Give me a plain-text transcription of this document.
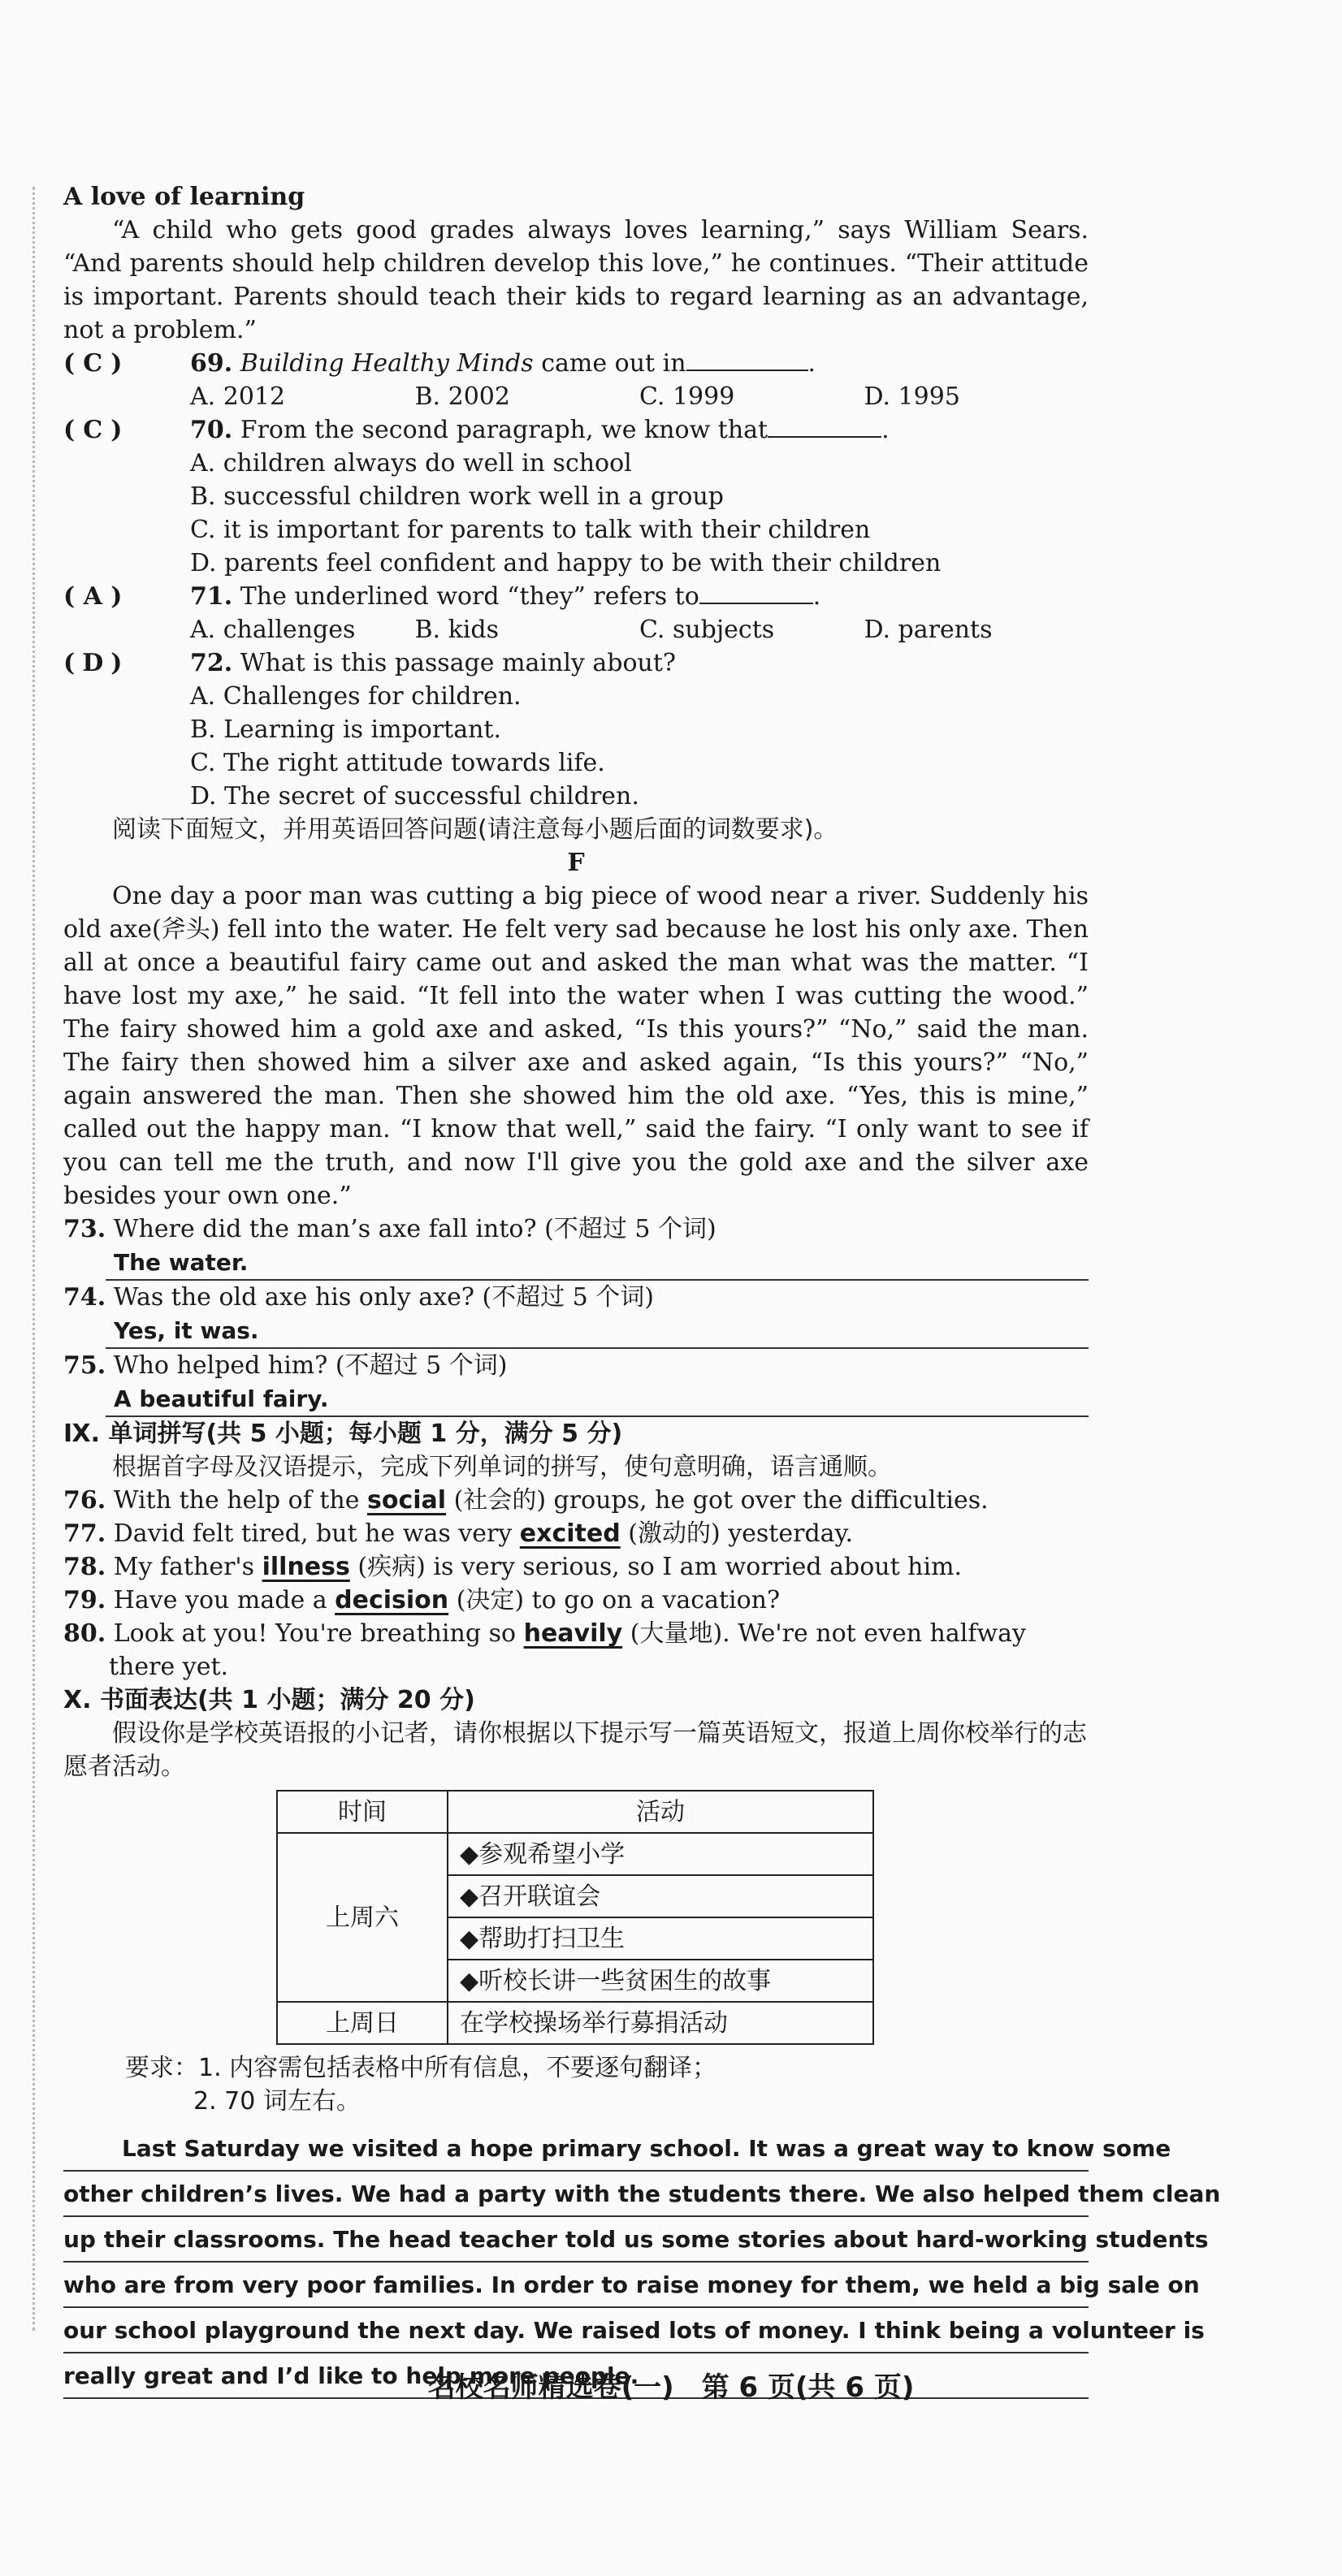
A love of learning

“A child who gets good grades always loves learning,” says William Sears. “And parents should help children develop this love,” he continues. “Their attitude is important. Parents should teach their kids to regard learning as an advantage, not a problem.”

( C )	69. Building Healthy Minds came out in	.
A. 2012	B. 2002	C. 1999	D. 1995
( C )	70. From the second paragraph, we know that	.
A. children always do well in school
B. successful children work well in a group
C. it is important for parents to talk with their children
D. parents feel confident and happy to be with their children
( A )	71. The underlined word “they” refers to	.
A. challenges	B. kids	C. subjects	D. parents
( D )	72. What is this passage mainly about?
A. Challenges for children.
B. Learning is important.
C. The right attitude towards life.
D. The secret of successful children.

阅读下面短文，并用英语回答问题(请注意每小题后面的词数要求)。

F

One day a poor man was cutting a big piece of wood near a river. Suddenly his old axe(斧头) fell into the water. He felt very sad because he lost his only axe. Then all at once a beautiful fairy came out and asked the man what was the matter. “I have lost my axe,” he said. “It fell into the water when I was cutting the wood.” The fairy showed him a gold axe and asked, “Is this yours?” “No,” said the man. The fairy then showed him a silver axe and asked again, “Is this yours?” “No,” again answered the man. Then she showed him the old axe. “Yes, this is mine,” called out the happy man. “I know that well,” said the fairy. “I only want to see if you can tell me the truth, and now I'll give you the gold axe and the silver axe besides your own one.”

73. Where did the man’s axe fall into? (不超过 5 个词)
The water.
74. Was the old axe his only axe? (不超过 5 个词)
Yes, it was.
75. Who helped him? (不超过 5 个词)
A beautiful fairy.

Ⅸ. 单词拼写(共 5 小题；每小题 1 分，满分 5 分)

根据首字母及汉语提示，完成下列单词的拼写，使句意明确，语言通顺。

76. With the help of the social (社会的) groups, he got over the difficulties.
77. David felt tired, but he was very excited (激动的) yesterday.
78. My father's illness (疾病) is very serious, so I am worried about him.
79. Have you made a decision (决定) to go on a vacation?
80. Look at you! You're breathing so heavily (大量地). We're not even halfway there yet.

Ⅹ. 书面表达(共 1 小题；满分 20 分)

假设你是学校英语报的小记者，请你根据以下提示写一篇英语短文，报道上周你校举行的志愿者活动。

时间	活动
上周六	◆参观希望小学
	◆召开联谊会
	◆帮助打扫卫生
	◆听校长讲一些贫困生的故事
上周日	在学校操场举行募捐活动

要求：1. 内容需包括表格中所有信息，不要逐句翻译；

2. 70 词左右。

Last Saturday we visited a hope primary school. It was a great way to know some
other children’s lives. We had a party with the students there. We also helped them clean
up their classrooms. The head teacher told us some stories about hard-working students
who are from very poor families. In order to raise money for them, we held a big sale on
our school playground the next day. We raised lots of money. I think being a volunteer is
really great and I’d like to help more people.
名校名师精选卷(一)　第 6 页(共 6 页)
